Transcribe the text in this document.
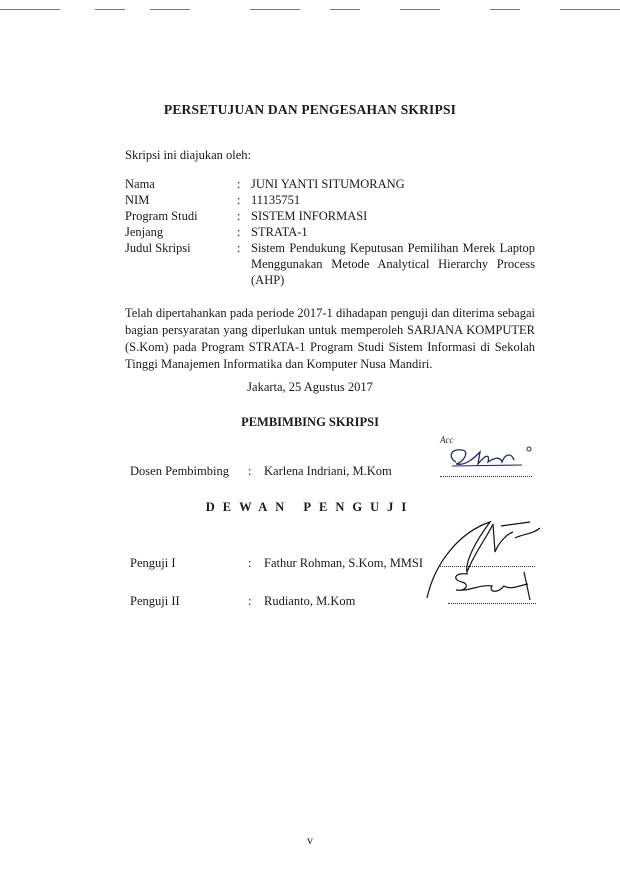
PERSETUJUAN DAN PENGESAHAN SKRIPSI
Skripsi ini diajukan oleh:
Nama	: JUNI YANTI SITUMORANG
NIM	: 11135751
Program Studi	: SISTEM INFORMASI
Jenjang	: STRATA-1
Judul Skripsi	: Sistem Pendukung Keputusan Pemilihan Merek Laptop Menggunakan Metode Analytical Hierarchy Process (AHP)
Telah dipertahankan pada periode 2017-1 dihadapan penguji dan diterima sebagai bagian persyaratan yang diperlukan untuk memperoleh SARJANA KOMPUTER (S.Kom) pada Program STRATA-1 Program Studi Sistem Informasi di Sekolah Tinggi Manajemen Informatika dan Komputer Nusa Mandiri.
Jakarta, 25 Agustus 2017
PEMBIMBING SKRIPSI
Dosen Pembimbing	:	Karlena Indriani, M.Kom
Acc
DEWAN PENGUJI
Penguji I	:	Fathur Rohman, S.Kom, MMSI
Penguji II	:	Rudianto, M.Kom
v
